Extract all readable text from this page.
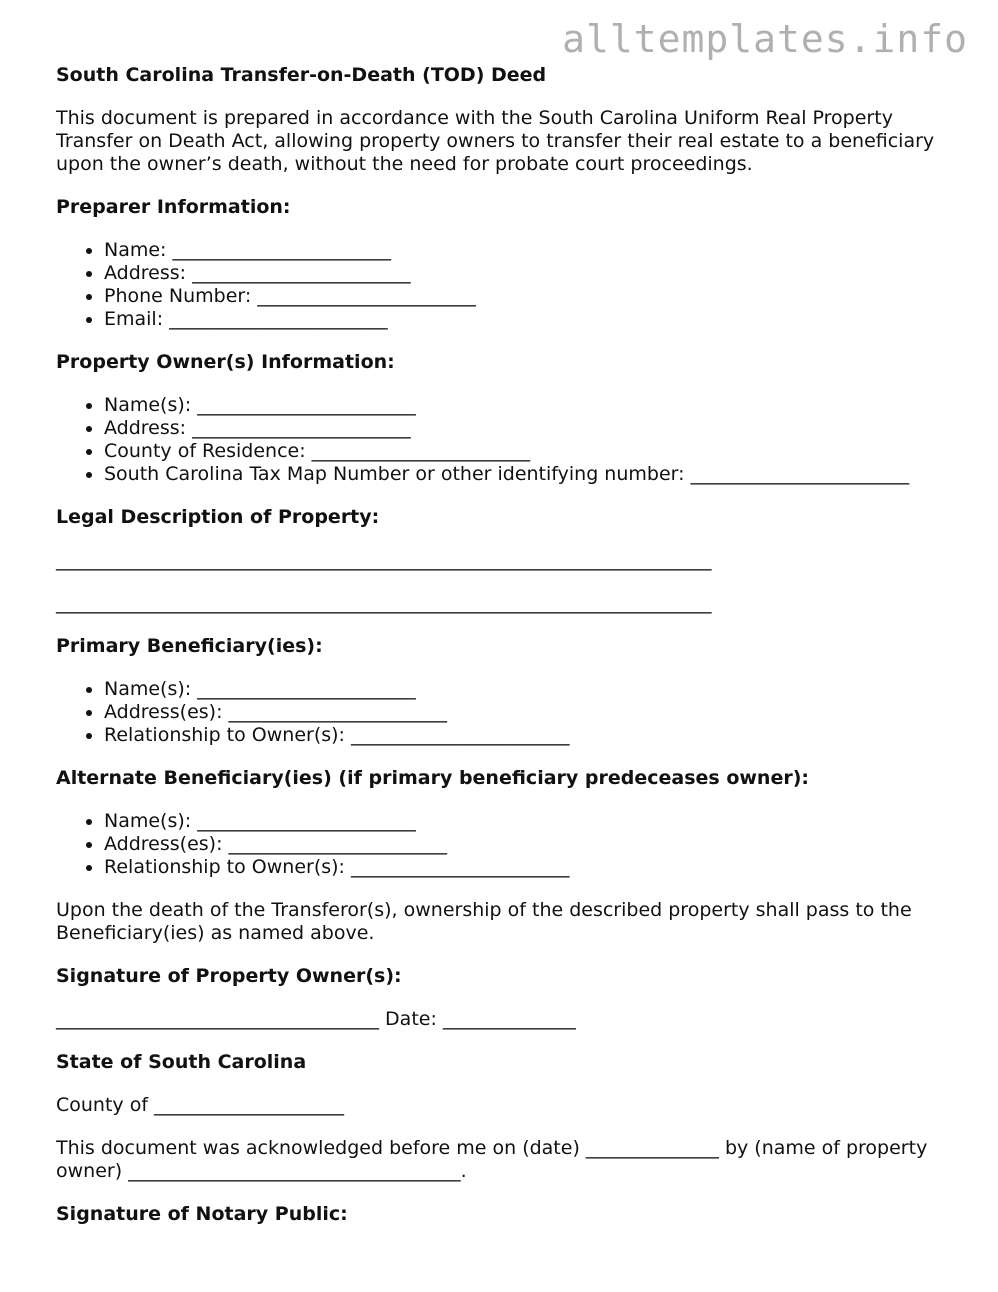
alltemplates.info
South Carolina Transfer-on-Death (TOD) Deed

This document is prepared in accordance with the South Carolina Uniform Real Property Transfer on Death Act, allowing property owners to transfer their real estate to a beneficiary upon the owner’s death, without the need for probate court proceedings.

Preparer Information:
• Name: _______________________
• Address: _______________________
• Phone Number: _______________________
• Email: _______________________
Property Owner(s) Information:
• Name(s): _______________________
• Address: _______________________
• County of Residence: _______________________
• South Carolina Tax Map Number or other identifying number: _______________________
Legal Description of Property:

_____________________________________________________________________

_____________________________________________________________________

Primary Beneficiary(ies):
• Name(s): _______________________
• Address(es): _______________________
• Relationship to Owner(s): _______________________
Alternate Beneficiary(ies) (if primary beneficiary predeceases owner):
• Name(s): _______________________
• Address(es): _______________________
• Relationship to Owner(s): _______________________

Upon the death of the Transferor(s), ownership of the described property shall pass to the Beneficiary(ies) as named above.

Signature of Property Owner(s):

__________________________________ Date: ______________

State of South Carolina

County of ____________________

This document was acknowledged before me on (date) ______________ by (name of property owner) ___________________________________.

Signature of Notary Public:
